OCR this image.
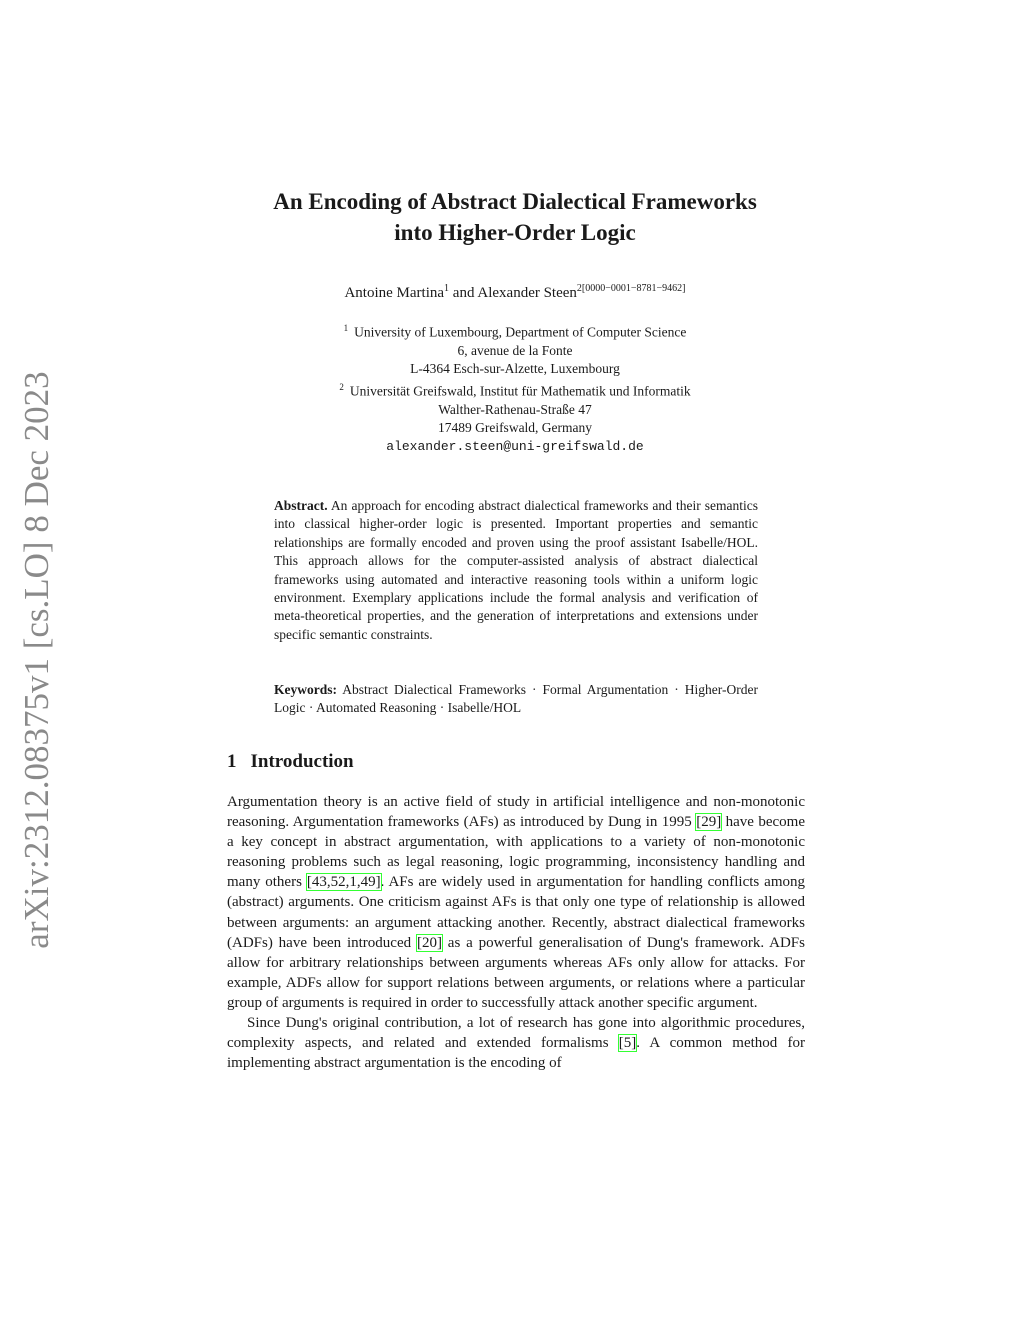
arXiv:2312.08375v1 [cs.LO] 8 Dec 2023
An Encoding of Abstract Dialectical Frameworks
into Higher-Order Logic
Antoine Martina$^1$ and Alexander Steen$^{2[0000-0001-8781-9462]}$
$^1$ University of Luxembourg, Department of Computer Science
6, avenue de la Fonte
L-4364 Esch-sur-Alzette, Luxembourg
$^2$ Universität Greifswald, Institut für Mathematik und Informatik
Walther-Rathenau-Straße 47
17489 Greifswald, Germany
alexander.steen@uni-greifswald.de
Abstract. An approach for encoding abstract dialectical frameworks and their semantics into classical higher-order logic is presented. Important properties and semantic relationships are formally encoded and proven using the proof assistant Isabelle/HOL. This approach allows for the computer-assisted analysis of abstract dialectical frameworks using automated and interactive reasoning tools within a uniform logic environment. Exemplary applications include the formal analysis and verification of meta-theoretical properties, and the generation of interpretations and extensions under specific semantic constraints.
Keywords: Abstract Dialectical Frameworks · Formal Argumentation · Higher-Order Logic · Automated Reasoning · Isabelle/HOL
1 Introduction

Argumentation theory is an active field of study in artificial intelligence and non-monotonic reasoning. Argumentation frameworks (AFs) as introduced by Dung in 1995 [29] have become a key concept in abstract argumentation, with applications to a variety of non-monotonic reasoning problems such as legal reasoning, logic programming, inconsistency handling and many others [43,52,1,49]. AFs are widely used in argumentation for handling conflicts among (abstract) arguments. One criticism against AFs is that only one type of relationship is allowed between arguments: an argument attacking another. Recently, abstract dialectical frameworks (ADFs) have been introduced [20] as a powerful generalisation of Dung's framework. ADFs allow for arbitrary relationships between arguments whereas AFs only allow for attacks. For example, ADFs allow for support relations between arguments, or relations where a particular group of arguments is required in order to successfully attack another specific argument.

Since Dung's original contribution, a lot of research has gone into algorithmic procedures, complexity aspects, and related and extended formalisms [5]. A common method for implementing abstract argumentation is the encoding of
